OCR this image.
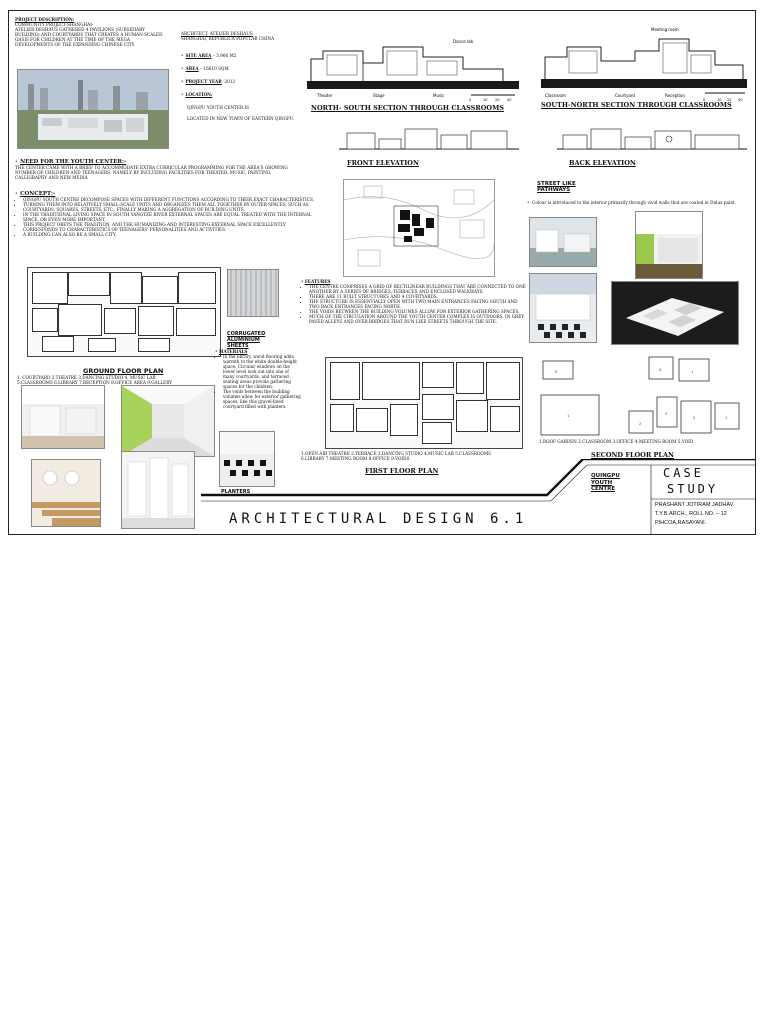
PROJECT DESCRIPTION:
COMMUNITY PROJECT-SHANGHAI-
ATELIER DESHAUS GATHERED 4 PAVILIONS (SUBSIDIARY
BUILDING) AND COURTYARDS THAT CREATES A HUMAN-SCALED
OASIS FOR CHILDREN AT THE TIME OF THE MEGA
DEVELOPMENTS OF THE EXPANDING CHINESE CITY.
ARCHITECT- ATELIER DESHAUS
SHANGHAI, REPUBLICA POPULAR CHINA
• SITE AREA – 3,966 M2
• AREA – 16610 SQM
• PROJECT YEAR -2012
• LOCATION:
QINGPU YOUTH CENTER IS
LOCATED IN NEW TOWN OF EASTERN QINGPU.
Dance lab
Theater	Stage	Music
0	10 20 40
NORTH- SOUTH SECTION THROUGH CLASSROOMS
Meeting room
Classroom	Courtyard	Reception
0	10 20 40
SOUTH-NORTH SECTION THROUGH CLASSROOMS
FRONT ELEVATION	BACK ELEVATION
•  NEED FOR THE YOUTH CENTER:-
THE CENTER CAME WITH A BRIEF TO ACCOMMODATE EXTRA CURRICULAR PROGRAMMING FOR THE AREA'S GROWING
NUMBER OF CHILDREN AND TEENAGERS: NAMELY BY INCLUDING FACILITIES FOR THEATER, MUSIC, PAINTING,
CALLIGRAPHY AND NEW MEDIA
•  CONCEPT:-
• QINGPU YOUTH CENTRE DECOMPOSE SPACES WITH DIFFERENT FUNCTIONS ACCORDING TO THEIR EXACT CHARACTERISTICS,
• TURNING THEM INTO RELATIVELY SMALL-SCALE UNITS AND ORGANIZES THEM ALL TOGETHER BY OUTER SPACES, SUCH AS COURTYARDS, SQUARES, STREETS, ETC., FINALLY MAKING A AGGREGATION OF BUILDING UNITS.
• IN THE TRADITIONAL LIVING SPACE IN SOUTH YANGTZE RIVER EXTERNAL SPACES ARE EQUAL TREATED WITH THE INTERNAL SPACE, OR EVEN MORE IMPORTANT.
• THIS PROJECT OBEYS THE TRADITION, AND THE HUMANIZING AND INTERESTING EXTERNAL SPACE EXCELLENTLY CORRESPONDS TO CHARACTERISTICS OF TEENAGERS' PERSONALITIES AND ACTIVITIES.
• A BUILDING CAN ALSO BE A SMALL CITY.
STREET LIKE
PATHWAYS
•  Colour is introduced to the interior primarily through vivid walls that are coated in Dulux paint.
GROUND FLOOR PLAN
1. COURTYARD 2.THEATRE 3.DANCING STUDIO 4. MUSIC LAB
5.CLASSROOMS 6.LIBRARY 7.RECEPTION 8.OFFICE AREA 9.GALLERY
CORRUGATED
ALUMINIUM
SHEETS
• MATERIALS
• In the library, wood flooring adds warmth to the white double-height space. Circular windows on the lower level look out into one of many courtyards, and terraced seating areas provide gathering spaces for the children.
• The voids between the building volumes allow for exterior gathering spaces, like this gravel-lined courtyard filled with planters.
PLANTERS
• FEATURES
• THE CENTRE COMPRISES A GRID OF RECTILINEAR BUILDINGS THAT ARE CONNECTED TO ONE ANOTHER BY A SERIES OF BRIDGES, TERRACES AND ENCLOSED WALKWAYS.
• THERE ARE 11 BUILT STRUCTURES AND 4 COURTYARDS.
• THE STRUCTURE IS ESSENTIALLY OPEN WITH TWO MAIN ENTRANCES FACING SOUTH AND TWO BACK ENTRANCES FACING NORTH.
• THE VOIDS BETWEEN THE BUILDING VOLUMES ALLOW FOR EXTERIOR GATHERING SPACES.
• MUCH OF THE CIRCULATION AROUND THE YOUTH CENTER COMPLEX IS OUTDOORS, IN GREY-PAVED ALLEYS AND OVER BRIDGES THAT RUN LIKE STREETS THROUGH THE SITE.
1.OPEN AIR THEATRE 2.TERRACE 3.DANCING STUDIO 4.MUSIC LAB 5.CLASSROOMS
6.LIBRARY 7.MEETING ROOM 8.OFFICE 9.VOIDS
FIRST FLOOR PLAN
5
1
4	1
3
2
2	1
1.ROOF GARDEN 2.CLASSROOM 3.OFFICE 4.MEETING ROOM 5.VOID
SECOND FLOOR PLAN
QUINGPU
YOUTH
CENTRE
CASE
STUDY
PRASHANT JOTIRAM JADHAV
T.Y.B.ARCH., ROLL NO. – 12
PIHCOA,RASAYANI.
ARCHITECTURAL DESIGN 6.1
